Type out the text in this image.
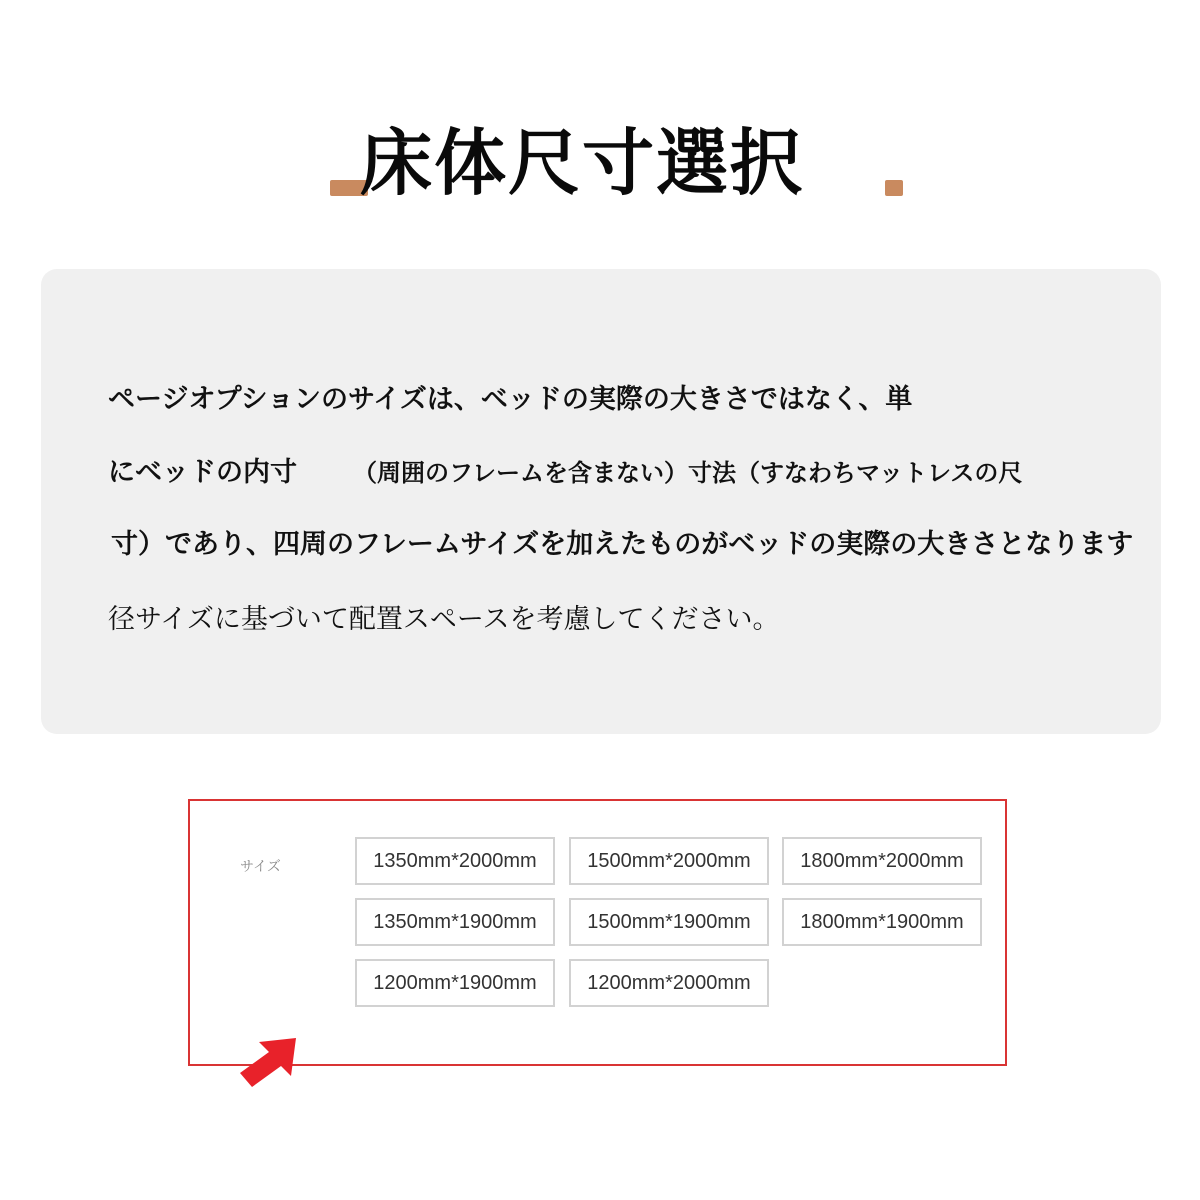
床体尺寸選択
ページオプションのサイズは、ベッドの実際の大きさではなく、単
にベッドの内寸 （周囲のフレームを含まない）寸法（すなわちマットレスの尺
寸）であり、四周のフレームサイズを加えたものがベッドの実際の大きさとなります
径サイズに基づいて配置スペースを考慮してください。
サイズ	1350mm*2000mm	1500mm*2000mm	1800mm*2000mm
1350mm*1900mm	1500mm*1900mm	1800mm*1900mm
1200mm*1900mm	1200mm*2000mm
